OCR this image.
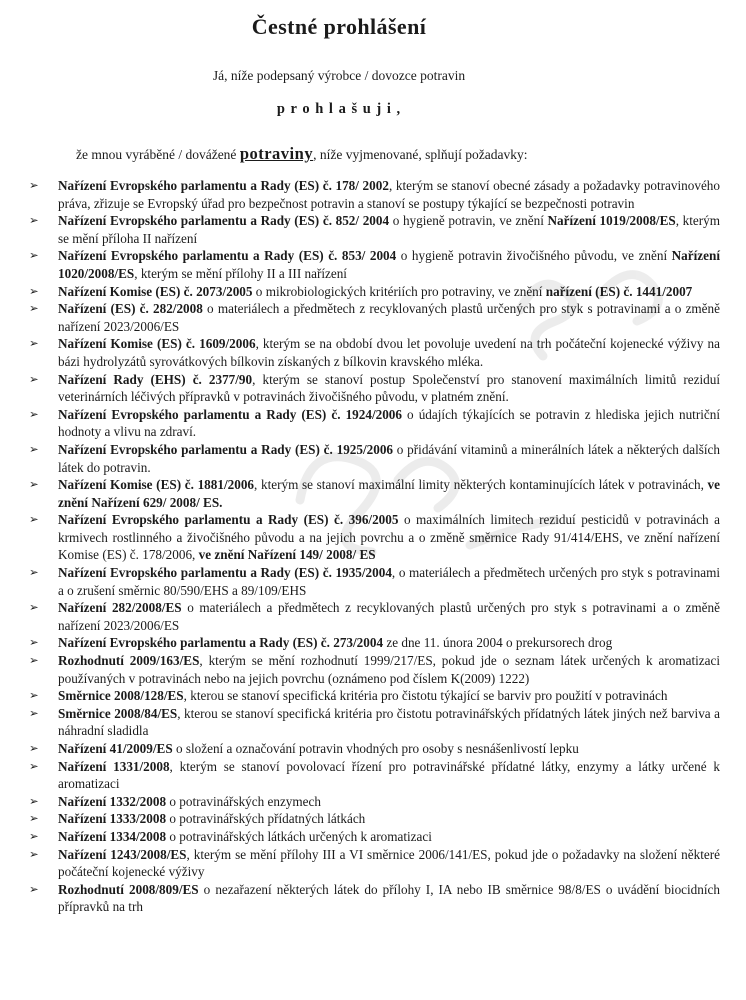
Čestné prohlášení
Já, níže podepsaný výrobce / dovozce potravin
p r o h l a š u j i ,
že mnou vyráběné / dovážené potraviny, níže vyjmenované, splňují požadavky:
➢ Nařízení Evropského parlamentu a Rady (ES) č. 178/ 2002, kterým se stanoví obecné zásady a požadavky potravinového práva, zřizuje se Evropský úřad pro bezpečnost potravin a stanoví se postupy týkající se bezpečnosti potravin
➢ Nařízení Evropského parlamentu a Rady (ES) č. 852/ 2004 o hygieně potravin, ve znění Nařízení 1019/2008/ES, kterým se mění příloha II nařízení
➢ Nařízení Evropského parlamentu a Rady (ES) č. 853/ 2004 o hygieně potravin živočišného původu, ve znění Nařízení 1020/2008/ES, kterým se mění přílohy II a III nařízení
➢ Nařízení Komise (ES) č. 2073/2005 o mikrobiologických kritériích pro potraviny, ve znění nařízení (ES) č. 1441/2007
➢ Nařízení (ES) č. 282/2008 o materiálech a předmětech z recyklovaných plastů určených pro styk s potravinami a o změně nařízení 2023/2006/ES
➢ Nařízení Komise (ES) č. 1609/2006, kterým se na období dvou let povoluje uvedení na trh počáteční kojenecké výživy na bázi hydrolyzátů syrovátkových bílkovin získaných z bílkovin kravského mléka.
➢ Nařízení Rady (EHS) č. 2377/90, kterým se stanoví postup Společenství pro stanovení maximálních limitů reziduí veterinárních léčivých přípravků v potravinách živočišného původu, v platném znění.
➢ Nařízení Evropského parlamentu a Rady (ES) č. 1924/2006 o údajích týkajících se potravin z hlediska jejich nutriční hodnoty a vlivu na zdraví.
➢ Nařízení Evropského parlamentu a Rady (ES) č. 1925/2006 o přidávání vitaminů a minerálních látek a některých dalších látek do potravin.
➢ Nařízení Komise (ES) č. 1881/2006, kterým se stanoví maximální limity některých kontaminujících látek v potravinách, ve znění Nařízení 629/ 2008/ ES.
➢ Nařízení Evropského parlamentu a Rady (ES) č. 396/2005 o maximálních limitech reziduí pesticidů v potravinách a krmivech rostlinného a živočišného původu a na jejich povrchu a o změně směrnice Rady 91/414/EHS, ve znění nařízení Komise (ES) č. 178/2006, ve znění Nařízení 149/ 2008/ ES
➢ Nařízení Evropského parlamentu a Rady (ES) č. 1935/2004, o materiálech a předmětech určených pro styk s potravinami a o zrušení směrnic 80/590/EHS a 89/109/EHS
➢ Nařízení 282/2008/ES o materiálech a předmětech z recyklovaných plastů určených pro styk s potravinami a o změně nařízení 2023/2006/ES
➢ Nařízení Evropského parlamentu a Rady (ES) č. 273/2004 ze dne 11. února 2004 o prekursorech drog
➢ Rozhodnutí 2009/163/ES, kterým se mění rozhodnutí 1999/217/ES, pokud jde o seznam látek určených k aromatizaci používaných v potravinách nebo na jejich povrchu (oznámeno pod číslem K(2009) 1222)
➢ Směrnice 2008/128/ES, kterou se stanoví specifická kritéria pro čistotu týkající se barviv pro použití v potravinách
➢ Směrnice 2008/84/ES, kterou se stanoví specifická kritéria pro čistotu potravinářských přídatných látek jiných než barviva a náhradní sladidla
➢ Nařízení 41/2009/ES o složení a označování potravin vhodných pro osoby s nesnášenlivostí lepku
➢ Nařízení 1331/2008, kterým se stanoví povolovací řízení pro potravinářské přídatné látky, enzymy a látky určené k aromatizaci
➢ Nařízení 1332/2008 o potravinářských enzymech
➢ Nařízení 1333/2008 o potravinářských přídatných látkách
➢ Nařízení 1334/2008 o potravinářských látkách určených k aromatizaci
➢ Nařízení 1243/2008/ES, kterým se mění přílohy III a VI směrnice 2006/141/ES, pokud jde o požadavky na složení některé počáteční kojenecké výživy
➢ Rozhodnutí 2008/809/ES o nezařazení některých látek do přílohy I, IA nebo IB směrnice 98/8/ES o uvádění biocidních přípravků na trh
